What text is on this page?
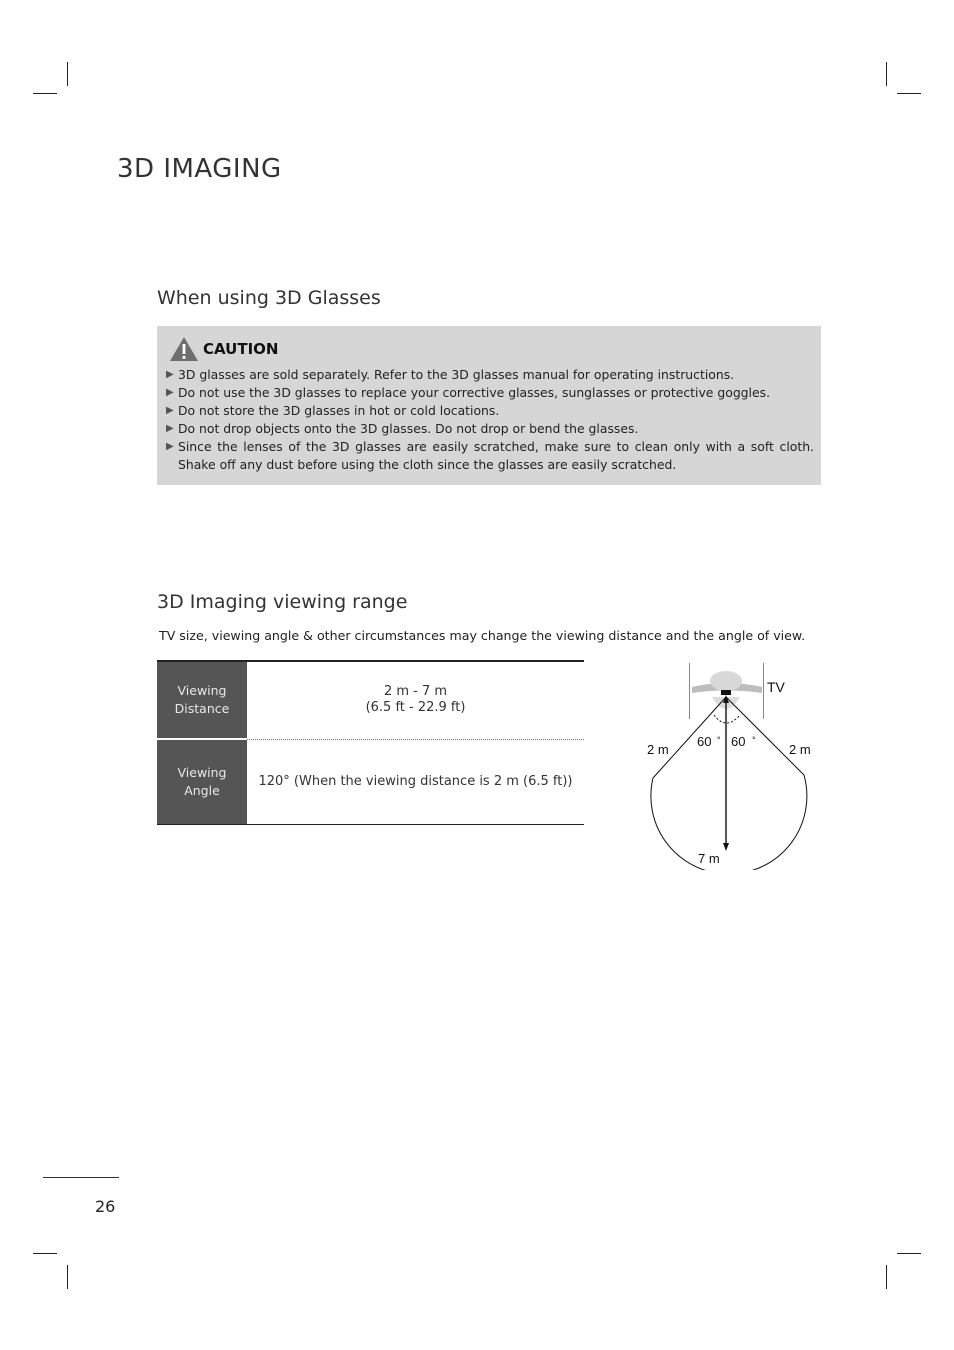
3D IMAGING
When using 3D Glasses
CAUTION
▶ 3D glasses are sold separately. Refer to the 3D glasses manual for operating instructions.
▶ Do not use the 3D glasses to replace your corrective glasses, sunglasses or protective goggles.
▶ Do not store the 3D glasses in hot or cold locations.
▶ Do not drop objects onto the 3D glasses. Do not drop or bend the glasses.
▶ Since the lenses of the 3D glasses are easily scratched, make sure to clean only with a soft cloth. Shake off any dust before using the cloth since the glasses are easily scratched.
3D Imaging viewing range
TV size, viewing angle & other circumstances may change the viewing distance and the angle of view.
Viewing Distance	2 m - 7 m
(6.5 ft - 22.9 ft)

Viewing Angle	120° (When the viewing distance is 2 m (6.5 ft))
TV
2 m	2 m
7 m
60 ° 60 °
26
